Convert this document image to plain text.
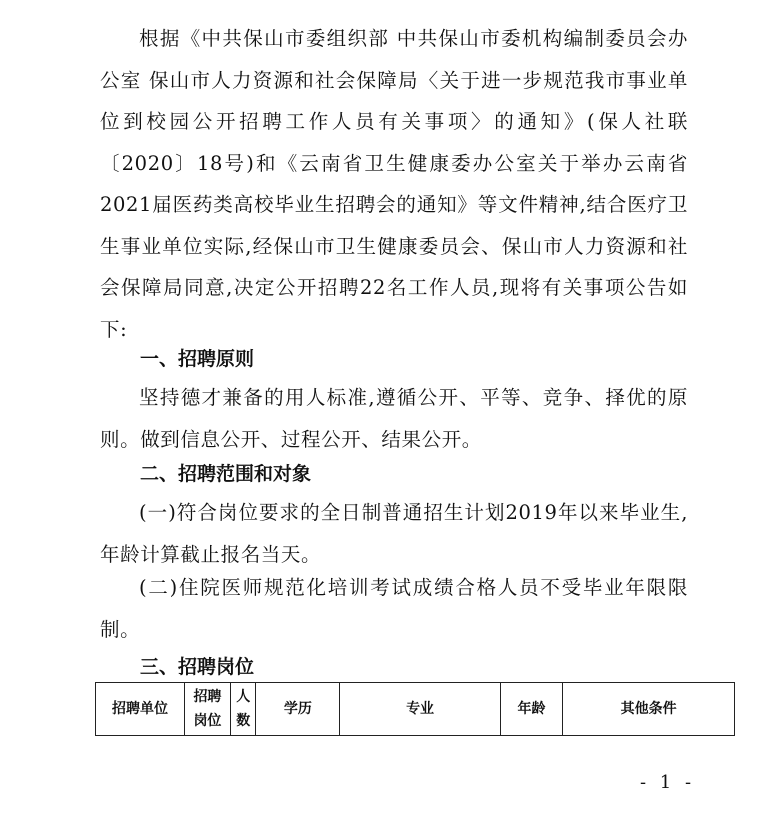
根据《中共保山市委组织部 中共保山市委机构编制委员会办公室 保山市人力资源和社会保障局〈关于进一步规范我市事业单位到校园公开招聘工作人员有关事项〉的通知》(保人社联〔2020〕18号)和《云南省卫生健康委办公室关于举办云南省2021届医药类高校毕业生招聘会的通知》等文件精神,结合医疗卫生事业单位实际,经保山市卫生健康委员会、保山市人力资源和社会保障局同意,决定公开招聘22名工作人员,现将有关事项公告如下:

一、招聘原则

坚持德才兼备的用人标准,遵循公开、平等、竞争、择优的原则。做到信息公开、过程公开、结果公开。

二、招聘范围和对象

(一)符合岗位要求的全日制普通招生计划2019年以来毕业生,年龄计算截止报名当天。

(二)住院医师规范化培训考试成绩合格人员不受毕业年限限制。

三、招聘岗位
招聘单位	招聘岗位	人数	学历	专业	年龄	其他条件
- 1 -
